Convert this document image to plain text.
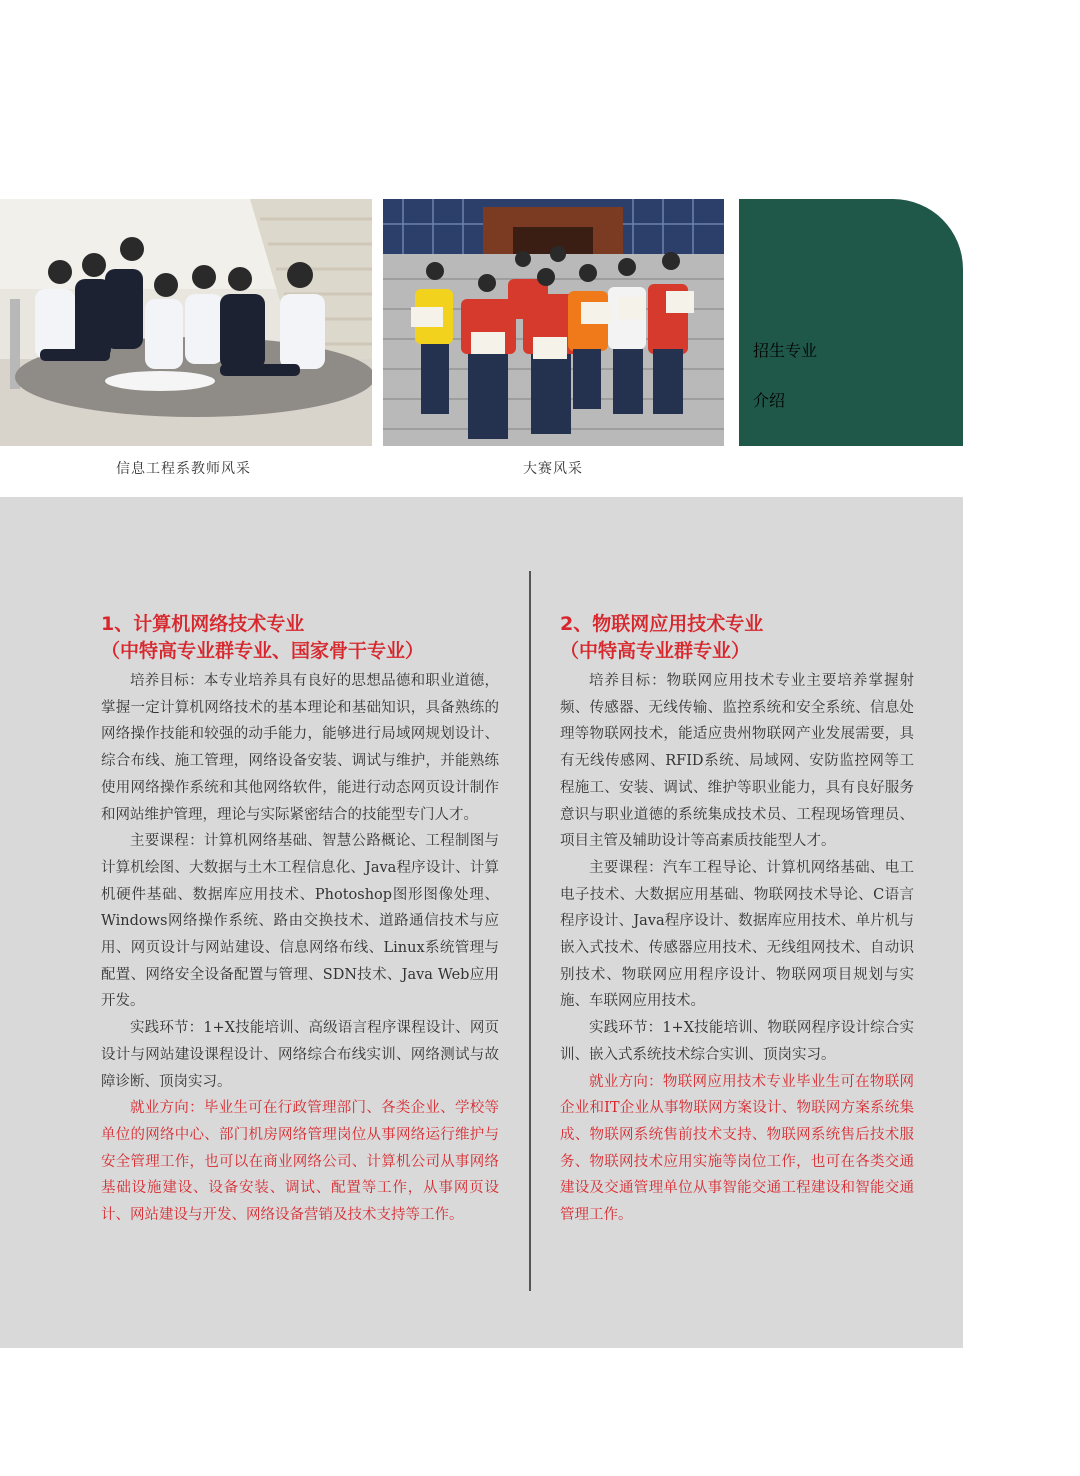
信息工程系教师风采	大赛风采
招生专业
介绍
1、计算机网络技术专业
（中特高专业群专业、国家骨干专业）

培养目标：本专业培养具有良好的思想品德和职业道德，掌握一定计算机网络技术的基本理论和基础知识，具备熟练的网络操作技能和较强的动手能力，能够进行局域网规划设计、综合布线、施工管理，网络设备安装、调试与维护，并能熟练使用网络操作系统和其他网络软件，能进行动态网页设计制作和网站维护管理，理论与实际紧密结合的技能型专门人才。

主要课程：计算机网络基础、智慧公路概论、工程制图与计算机绘图、大数据与土木工程信息化、Java程序设计、计算机硬件基础、数据库应用技术、Photoshop图形图像处理、Windows网络操作系统、路由交换技术、道路通信技术与应用、网页设计与网站建设、信息网络布线、Linux系统管理与配置、网络安全设备配置与管理、SDN技术、Java Web应用开发。

实践环节：1+X技能培训、高级语言程序课程设计、网页设计与网站建设课程设计、网络综合布线实训、网络测试与故障诊断、顶岗实习。

就业方向：毕业生可在行政管理部门、各类企业、学校等单位的网络中心、部门机房网络管理岗位从事网络运行维护与安全管理工作，也可以在商业网络公司、计算机公司从事网络基础设施建设、设备安装、调试、配置等工作，从事网页设计、网站建设与开发、网络设备营销及技术支持等工作。

2、物联网应用技术专业
（中特高专业群专业）

培养目标：物联网应用技术专业主要培养掌握射频、传感器、无线传输、监控系统和安全系统、信息处理等物联网技术，能适应贵州物联网产业发展需要，具有无线传感网、RFID系统、局域网、安防监控网等工程施工、安装、调试、维护等职业能力，具有良好服务意识与职业道德的系统集成技术员、工程现场管理员、项目主管及辅助设计等高素质技能型人才。

主要课程：汽车工程导论、计算机网络基础、电工电子技术、大数据应用基础、物联网技术导论、C语言程序设计、Java程序设计、数据库应用技术、单片机与嵌入式技术、传感器应用技术、无线组网技术、自动识别技术、物联网应用程序设计、物联网项目规划与实施、车联网应用技术。

实践环节：1+X技能培训、物联网程序设计综合实训、嵌入式系统技术综合实训、顶岗实习。

就业方向：物联网应用技术专业毕业生可在物联网企业和IT企业从事物联网方案设计、物联网方案系统集成、物联网系统售前技术支持、物联网系统售后技术服务、物联网技术应用实施等岗位工作，也可在各类交通建设及交通管理单位从事智能交通工程建设和智能交通管理工作。
